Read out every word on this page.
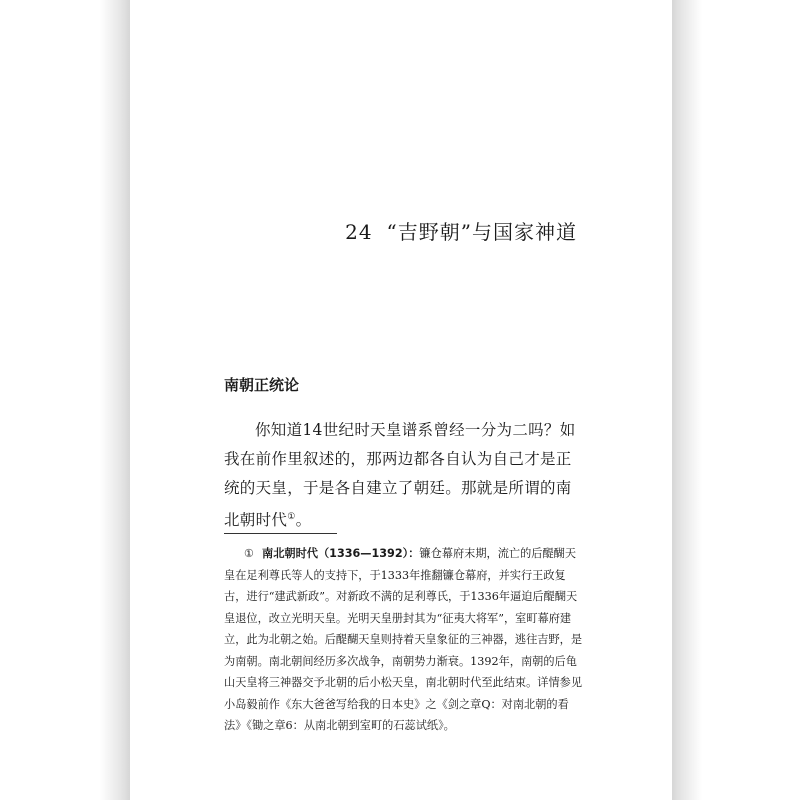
24 “吉野朝”与国家神道
南朝正统论

你知道14世纪时天皇谱系曾经一分为二吗？如我在前作里叙述的，那两边都各自认为自己才是正统的天皇，于是各自建立了朝廷。那就是所谓的南北朝时代①。

① 南北朝时代（1336—1392）：镰仓幕府末期，流亡的后醍醐天皇在足利尊氏等人的支持下，于1333年推翻镰仓幕府，并实行王政复古，进行“建武新政”。对新政不满的足利尊氏，于1336年逼迫后醍醐天皇退位，改立光明天皇。光明天皇册封其为“征夷大将军”，室町幕府建立，此为北朝之始。后醍醐天皇则持着天皇象征的三神器，逃往吉野，是为南朝。南北朝间经历多次战争，南朝势力渐衰。1392年，南朝的后龟山天皇将三神器交予北朝的后小松天皇，南北朝时代至此结束。详情参见小岛毅前作《东大爸爸写给我的日本史》之《剑之章Q：对南北朝的看法》《锄之章6：从南北朝到室町的石蕊试纸》。
